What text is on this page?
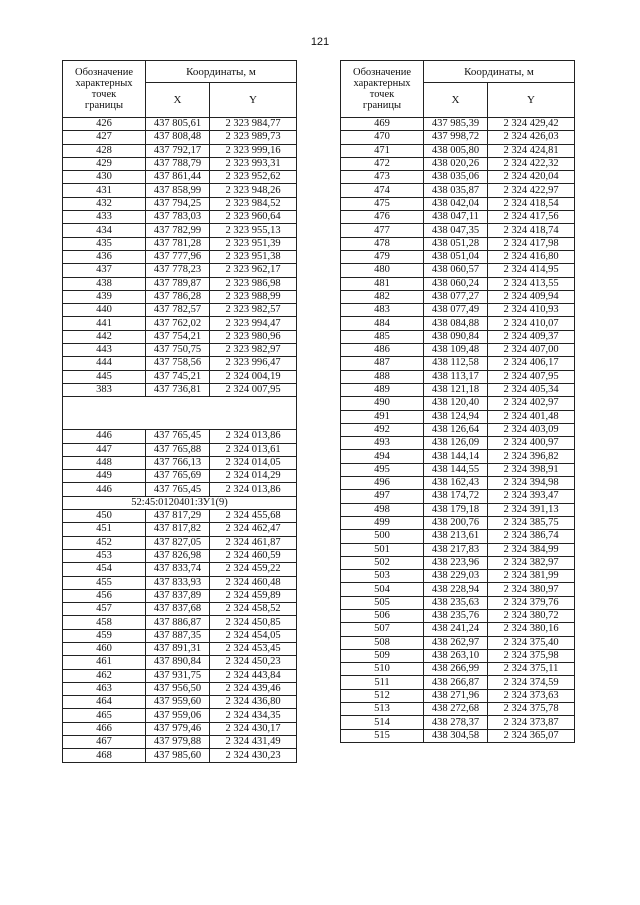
121
Обозначение
характерных
точек
границы	Координаты, м	
	X	Y
426	437 805,61	2 323 984,77
427	437 808,48	2 323 989,73
428	437 792,17	2 323 999,16
429	437 788,79	2 323 993,31
430	437 861,44	2 323 952,62
431	437 858,99	2 323 948,26
432	437 794,25	2 323 984,52
433	437 783,03	2 323 960,64
434	437 782,99	2 323 955,13
435	437 781,28	2 323 951,39
436	437 777,96	2 323 951,38
437	437 778,23	2 323 962,17
438	437 789,87	2 323 986,98
439	437 786,28	2 323 988,99
440	437 782,57	2 323 982,57
441	437 762,02	2 323 994,47
442	437 754,21	2 323 980,96
443	437 750,75	2 323 982,97
444	437 758,56	2 323 996,47
445	437 745,21	2 324 004,19
383	437 736,81	2 324 007,95

446	437 765,45	2 324 013,86
447	437 765,88	2 324 013,61
448	437 766,13	2 324 014,05
449	437 765,69	2 324 014,29
446	437 765,45	2 324 013,86
52:45:0120401:ЗУ1(9)		
450	437 817,29	2 324 455,68
451	437 817,82	2 324 462,47
452	437 827,05	2 324 461,87
453	437 826,98	2 324 460,59
454	437 833,74	2 324 459,22
455	437 833,93	2 324 460,48
456	437 837,89	2 324 459,89
457	437 837,68	2 324 458,52
458	437 886,87	2 324 450,85
459	437 887,35	2 324 454,05
460	437 891,31	2 324 453,45
461	437 890,84	2 324 450,23
462	437 931,75	2 324 443,84
463	437 956,50	2 324 439,46
464	437 959,60	2 324 436,80
465	437 959,06	2 324 434,35
466	437 979,46	2 324 430,17
467	437 979,88	2 324 431,49
468	437 985,60	2 324 430,23
Обозначение
характерных
точек
границы	Координаты, м	
	X	Y
469	437 985,39	2 324 429,42
470	437 998,72	2 324 426,03
471	438 005,80	2 324 424,81
472	438 020,26	2 324 422,32
473	438 035,06	2 324 420,04
474	438 035,87	2 324 422,97
475	438 042,04	2 324 418,54
476	438 047,11	2 324 417,56
477	438 047,35	2 324 418,74
478	438 051,28	2 324 417,98
479	438 051,04	2 324 416,80
480	438 060,57	2 324 414,95
481	438 060,24	2 324 413,55
482	438 077,27	2 324 409,94
483	438 077,49	2 324 410,93
484	438 084,88	2 324 410,07
485	438 090,84	2 324 409,37
486	438 109,48	2 324 407,00
487	438 112,58	2 324 406,17
488	438 113,17	2 324 407,95
489	438 121,18	2 324 405,34
490	438 120,40	2 324 402,97
491	438 124,94	2 324 401,48
492	438 126,64	2 324 403,09
493	438 126,09	2 324 400,97
494	438 144,14	2 324 396,82
495	438 144,55	2 324 398,91
496	438 162,43	2 324 394,98
497	438 174,72	2 324 393,47
498	438 179,18	2 324 391,13
499	438 200,76	2 324 385,75
500	438 213,61	2 324 386,74
501	438 217,83	2 324 384,99
502	438 223,96	2 324 382,97
503	438 229,03	2 324 381,99
504	438 228,94	2 324 380,97
505	438 235,63	2 324 379,76
506	438 235,76	2 324 380,72
507	438 241,24	2 324 380,16
508	438 262,97	2 324 375,40
509	438 263,10	2 324 375,98
510	438 266,99	2 324 375,11
511	438 266,87	2 324 374,59
512	438 271,96	2 324 373,63
513	438 272,68	2 324 375,78
514	438 278,37	2 324 373,87
515	438 304,58	2 324 365,07
